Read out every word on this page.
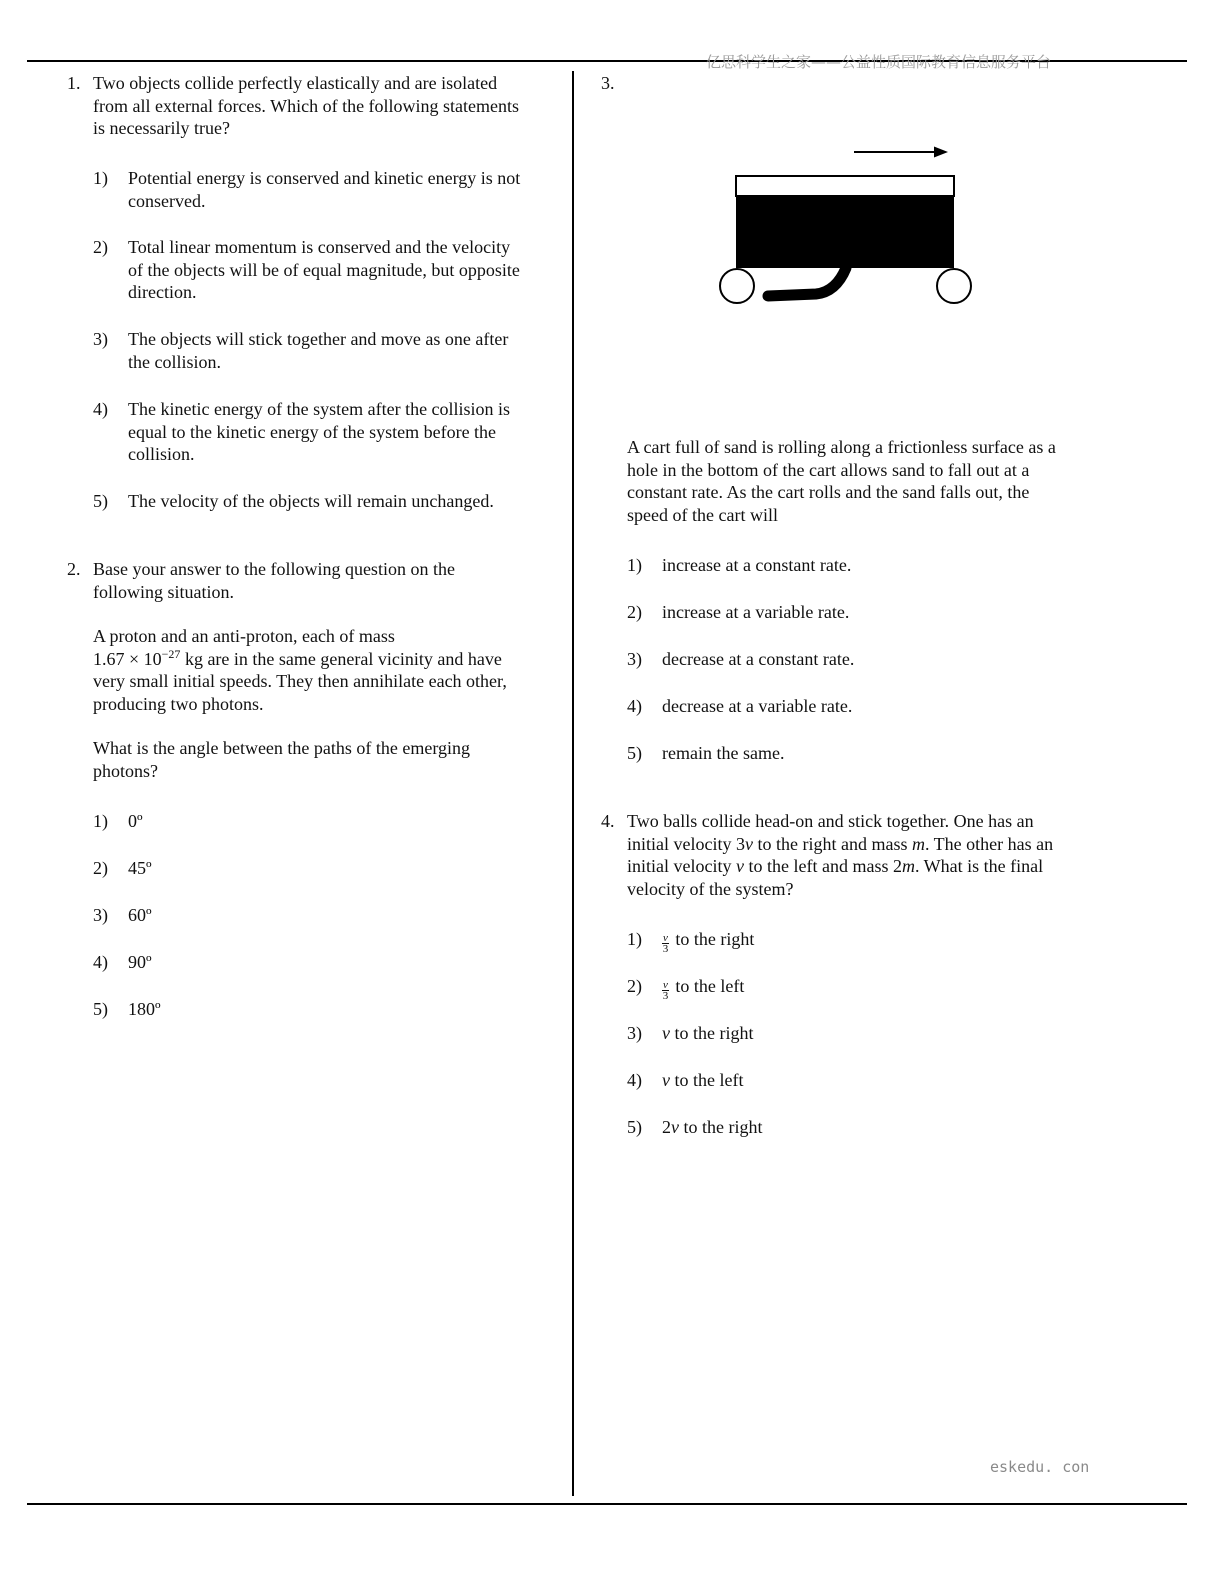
亿思科学生之家——公益性质国际教育信息服务平台
eskedu. con
1. Two objects collide perfectly elastically and are isolated
from all external forces. Which of the following statements
is necessarily true?
1) Potential energy is conserved and kinetic energy is not
conserved.
2) Total linear momentum is conserved and the velocity
of the objects will be of equal magnitude, but opposite
direction.
3) The objects will stick together and move as one after
the collision.
4) The kinetic energy of the system after the collision is
equal to the kinetic energy of the system before the
collision.
5) The velocity of the objects will remain unchanged.
2. Base your answer to the following question on the
following situation.
A proton and an anti-proton, each of mass
$1.67 \times 10^{-27}$ kg are in the same general vicinity and have
very small initial speeds. They then annihilate each other,
producing two photons.
What is the angle between the paths of the emerging
photons?
1) 0º
2) 45º
3) 60º
4) 90º
5) 180º
3.
A cart full of sand is rolling along a frictionless surface as a
hole in the bottom of the cart allows sand to fall out at a
constant rate. As the cart rolls and the sand falls out, the
speed of the cart will
1) increase at a constant rate.
2) increase at a variable rate.
3) decrease at a constant rate.
4) decrease at a variable rate.
5) remain the same.
4. Two balls collide head-on and stick together. One has an
initial velocity 3v to the right and mass m. The other has an
initial velocity v to the left and mass 2m. What is the final
velocity of the system?
$1) \frac{v}{3}$ to the right
$2) \frac{v}{3}$ to the left
3) v to the right
4) v to the left
5) 2v to the right
